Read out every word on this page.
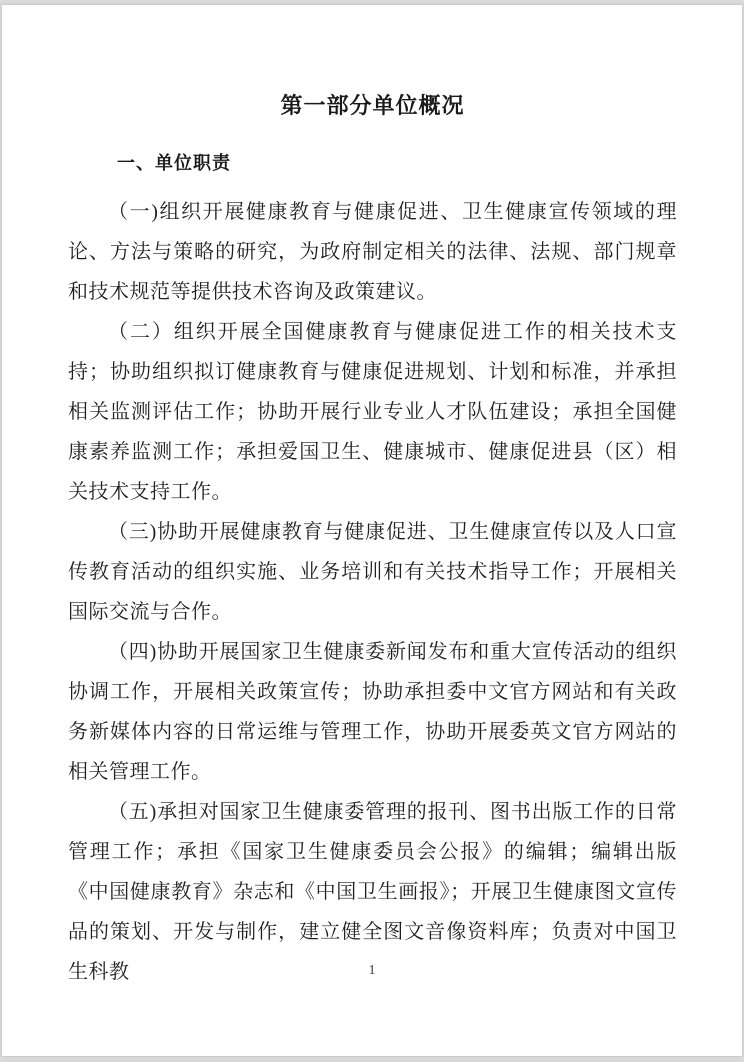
第一部分单位概况
一、单位职责

（一)组织开展健康教育与健康促进、卫生健康宣传领域的理论、方法与策略的研究，为政府制定相关的法律、法规、部门规章和技术规范等提供技术咨询及政策建议。

（二）组织开展全国健康教育与健康促进工作的相关技术支持；协助组织拟订健康教育与健康促进规划、计划和标准，并承担相关监测评估工作；协助开展行业专业人才队伍建设；承担全国健康素养监测工作；承担爱国卫生、健康城市、健康促进县（区）相关技术支持工作。

（三)协助开展健康教育与健康促进、卫生健康宣传以及人口宣传教育活动的组织实施、业务培训和有关技术指导工作；开展相关国际交流与合作。

（四)协助开展国家卫生健康委新闻发布和重大宣传活动的组织协调工作，开展相关政策宣传；协助承担委中文官方网站和有关政务新媒体内容的日常运维与管理工作，协助开展委英文官方网站的相关管理工作。

（五)承担对国家卫生健康委管理的报刊、图书出版工作的日常管理工作；承担《国家卫生健康委员会公报》的编辑；编辑出版《中国健康教育》杂志和《中国卫生画报》；开展卫生健康图文宣传品的策划、开发与制作，建立健全图文音像资料库；负责对中国卫生科教	1
